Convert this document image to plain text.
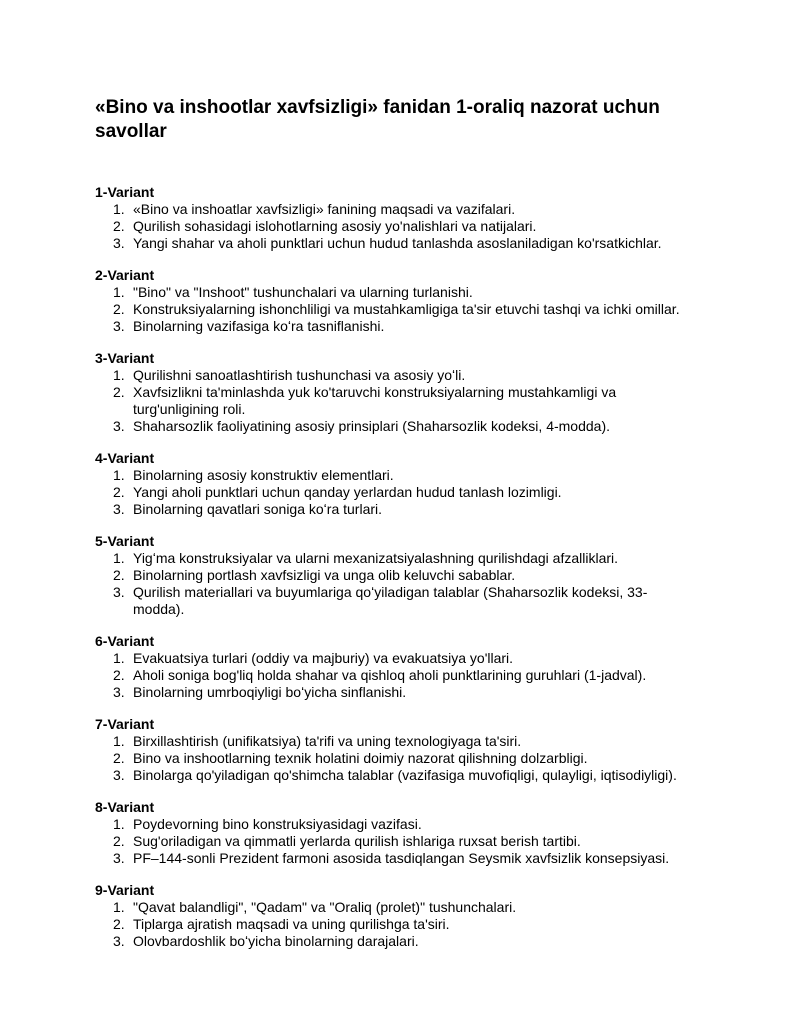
«Bino va inshootlar xavfsizligi» fanidan 1-oraliq nazorat uchun savollar
1-Variant
1. «Bino va inshoatlar xavfsizligi» fanining maqsadi va vazifalari.
2. Qurilish sohasidagi islohotlarning asosiy yo'nalishlari va natijalari.
3. Yangi shahar va aholi punktlari uchun hudud tanlashda asoslaniladigan ko'rsatkichlar.
2-Variant
1. "Bino" va "Inshoot" tushunchalari va ularning turlanishi.
2. Konstruksiyalarning ishonchliligi va mustahkamligiga ta'sir etuvchi tashqi va ichki omillar.
3. Binolarning vazifasiga koʻra tasniflanishi.
3-Variant
1. Qurilishni sanoatlashtirish tushunchasi va asosiy yoʻli.
2. Xavfsizlikni ta'minlashda yuk ko'taruvchi konstruksiyalarning mustahkamligi va
turg'unligining roli.
3. Shaharsozlik faoliyatining asosiy prinsiplari (Shaharsozlik kodeksi, 4-modda).
4-Variant
1. Binolarning asosiy konstruktiv elementlari.
2. Yangi aholi punktlari uchun qanday yerlardan hudud tanlash lozimligi.
3. Binolarning qavatlari soniga koʻra turlari.
5-Variant
1. Yigʻma konstruksiyalar va ularni mexanizatsiyalashning qurilishdagi afzalliklari.
2. Binolarning portlash xavfsizligi va unga olib keluvchi sabablar.
3. Qurilish materiallari va buyumlariga qoʻyiladigan talablar (Shaharsozlik kodeksi, 33-
modda).
6-Variant
1. Evakuatsiya turlari (oddiy va majburiy) va evakuatsiya yo'llari.
2. Aholi soniga bog'liq holda shahar va qishloq aholi punktlarining guruhlari (1-jadval).
3. Binolarning umrboqiyligi boʻyicha sinflanishi.
7-Variant
1. Birxillashtirish (unifikatsiya) ta'rifi va uning texnologiyaga ta'siri.
2. Bino va inshootlarning texnik holatini doimiy nazorat qilishning dolzarbligi.
3. Binolarga qo'yiladigan qo'shimcha talablar (vazifasiga muvofiqligi, qulayligi, iqtisodiyligi).
8-Variant
1. Poydevorning bino konstruksiyasidagi vazifasi.
2. Sug'oriladigan va qimmatli yerlarda qurilish ishlariga ruxsat berish tartibi.
3. PF–144-sonli Prezident farmoni asosida tasdiqlangan Seysmik xavfsizlik konsepsiyasi.
9-Variant
1. "Qavat balandligi", "Qadam" va "Oraliq (prolet)" tushunchalari.
2. Tiplarga ajratish maqsadi va uning qurilishga ta'siri.
3. Olovbardoshlik boʻyicha binolarning darajalari.
